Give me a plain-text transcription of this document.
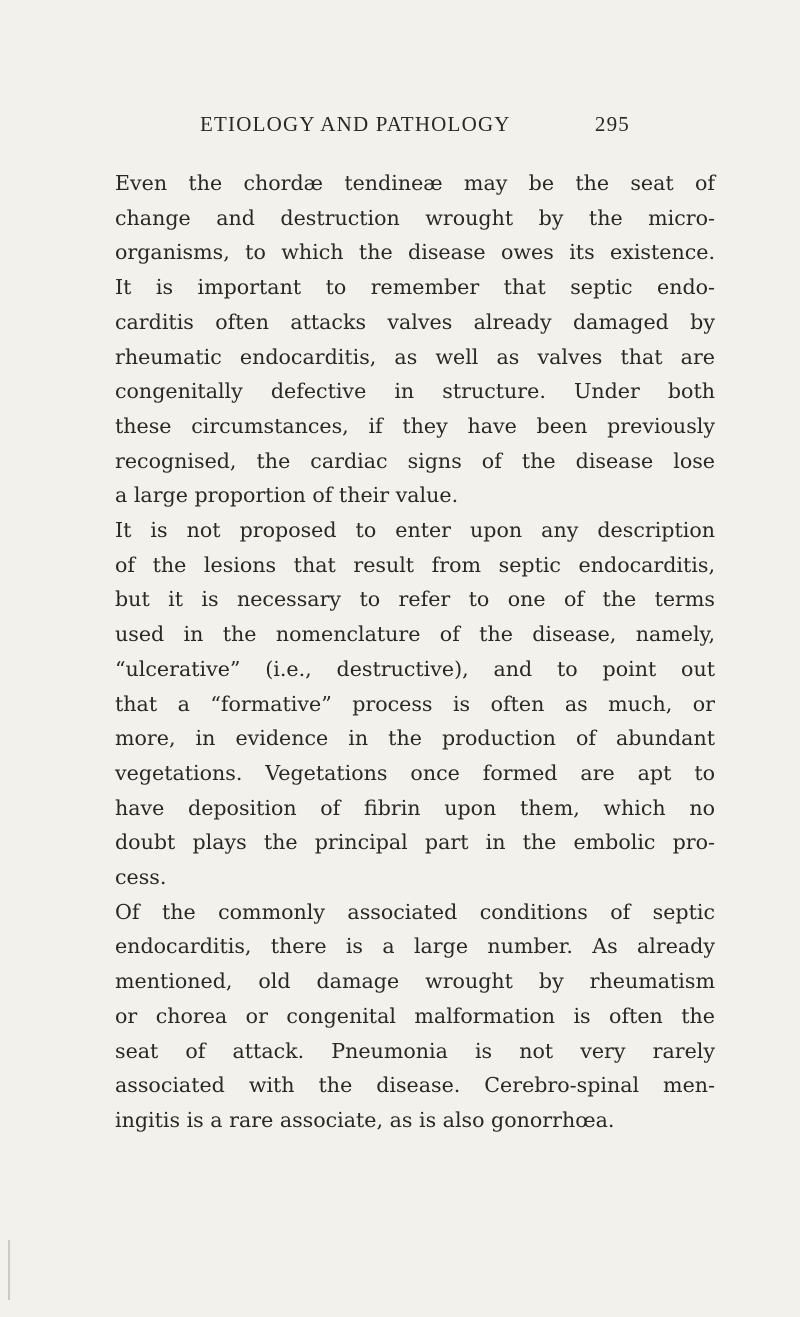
ETIOLOGY AND PATHOLOGY	295
Even the chordæ tendineæ may be the seat of
change and destruction wrought by the micro-
organisms, to which the disease owes its existence.
It is important to remember that septic endo-
carditis often attacks valves already damaged by
rheumatic endocarditis, as well as valves that are
congenitally defective in structure. Under both
these circumstances, if they have been previously
recognised, the cardiac signs of the disease lose
a large proportion of their value.
It is not proposed to enter upon any description
of the lesions that result from septic endocarditis,
but it is necessary to refer to one of the terms
used in the nomenclature of the disease, namely,
“ulcerative” (i.e., destructive), and to point out
that a “formative” process is often as much, or
more, in evidence in the production of abundant
vegetations. Vegetations once formed are apt to
have deposition of fibrin upon them, which no
doubt plays the principal part in the embolic pro-
cess.
Of the commonly associated conditions of septic
endocarditis, there is a large number. As already
mentioned, old damage wrought by rheumatism
or chorea or congenital malformation is often the
seat of attack. Pneumonia is not very rarely
associated with the disease. Cerebro-spinal men-
ingitis is a rare associate, as is also gonorrhœa.
